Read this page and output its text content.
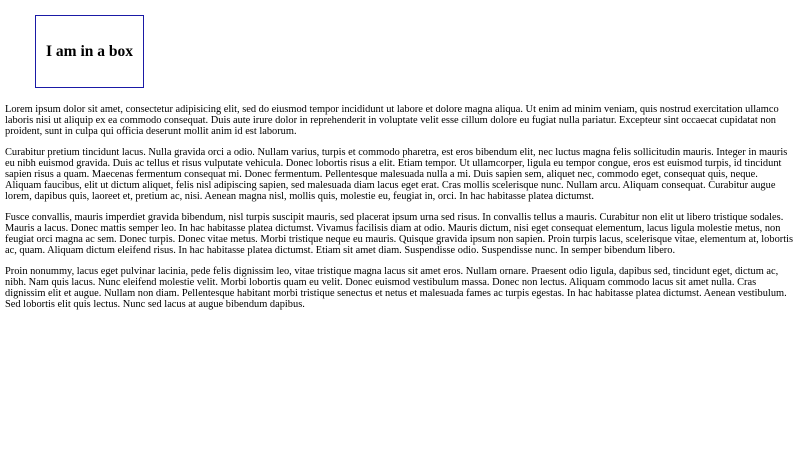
I am in a box

Lorem ipsum dolor sit amet, consectetur adipisicing elit, sed do eiusmod tempor incididunt ut labore et dolore magna aliqua. Ut enim ad minim veniam, quis nostrud exercitation ullamco laboris nisi ut aliquip ex ea commodo consequat. Duis aute irure dolor in reprehenderit in voluptate velit esse cillum dolore eu fugiat nulla pariatur. Excepteur sint occaecat cupidatat non proident, sunt in culpa qui officia deserunt mollit anim id est laborum.

Curabitur pretium tincidunt lacus. Nulla gravida orci a odio. Nullam varius, turpis et commodo pharetra, est eros bibendum elit, nec luctus magna felis sollicitudin mauris. Integer in mauris eu nibh euismod gravida. Duis ac tellus et risus vulputate vehicula. Donec lobortis risus a elit. Etiam tempor. Ut ullamcorper, ligula eu tempor congue, eros est euismod turpis, id tincidunt sapien risus a quam. Maecenas fermentum consequat mi. Donec fermentum. Pellentesque malesuada nulla a mi. Duis sapien sem, aliquet nec, commodo eget, consequat quis, neque. Aliquam faucibus, elit ut dictum aliquet, felis nisl adipiscing sapien, sed malesuada diam lacus eget erat. Cras mollis scelerisque nunc. Nullam arcu. Aliquam consequat. Curabitur augue lorem, dapibus quis, laoreet et, pretium ac, nisi. Aenean magna nisl, mollis quis, molestie eu, feugiat in, orci. In hac habitasse platea dictumst.

Fusce convallis, mauris imperdiet gravida bibendum, nisl turpis suscipit mauris, sed placerat ipsum urna sed risus. In convallis tellus a mauris. Curabitur non elit ut libero tristique sodales. Mauris a lacus. Donec mattis semper leo. In hac habitasse platea dictumst. Vivamus facilisis diam at odio. Mauris dictum, nisi eget consequat elementum, lacus ligula molestie metus, non feugiat orci magna ac sem. Donec turpis. Donec vitae metus. Morbi tristique neque eu mauris. Quisque gravida ipsum non sapien. Proin turpis lacus, scelerisque vitae, elementum at, lobortis ac, quam. Aliquam dictum eleifend risus. In hac habitasse platea dictumst. Etiam sit amet diam. Suspendisse odio. Suspendisse nunc. In semper bibendum libero.

Proin nonummy, lacus eget pulvinar lacinia, pede felis dignissim leo, vitae tristique magna lacus sit amet eros. Nullam ornare. Praesent odio ligula, dapibus sed, tincidunt eget, dictum ac, nibh. Nam quis lacus. Nunc eleifend molestie velit. Morbi lobortis quam eu velit. Donec euismod vestibulum massa. Donec non lectus. Aliquam commodo lacus sit amet nulla. Cras dignissim elit et augue. Nullam non diam. Pellentesque habitant morbi tristique senectus et netus et malesuada fames ac turpis egestas. In hac habitasse platea dictumst. Aenean vestibulum. Sed lobortis elit quis lectus. Nunc sed lacus at augue bibendum dapibus.
